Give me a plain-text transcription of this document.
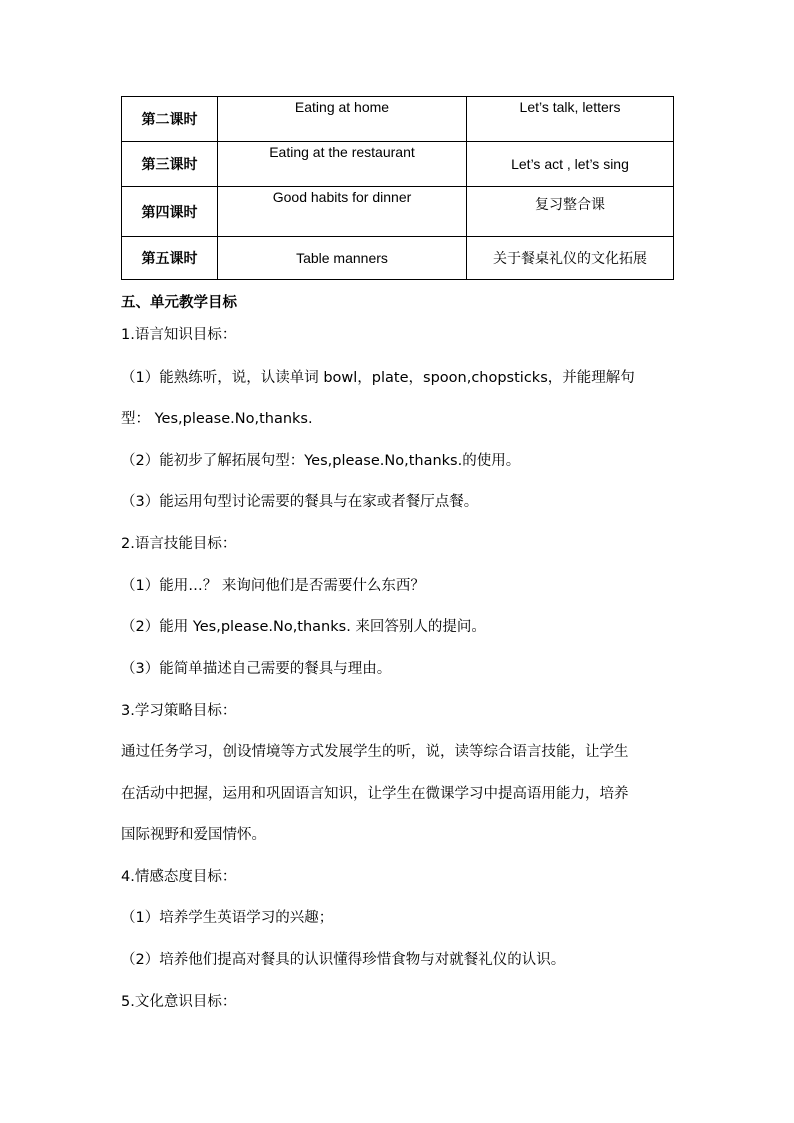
第二课时	Eating at home	Let’s talk, letters
第三课时	Eating at the restaurant	Let’s act , let’s sing
第四课时	Good habits for dinner	复习整合课
第五课时	Table manners	关于餐桌礼仪的文化拓展
五、单元教学目标
1.语言知识目标：
（1）能熟练听，说，认读单词 bowl，plate，spoon,chopsticks，并能理解句
型： Yes,please.No,thanks.
（2）能初步了解拓展句型：Yes,please.No,thanks.的使用。
（3）能运用句型讨论需要的餐具与在家或者餐厅点餐。
2.语言技能目标：
（1）能用…？ 来询问他们是否需要什么东西？
（2）能用 Yes,please.No,thanks. 来回答别人的提问。
（3）能简单描述自己需要的餐具与理由。
3.学习策略目标：
通过任务学习，创设情境等方式发展学生的听，说，读等综合语言技能，让学生
在活动中把握，运用和巩固语言知识，让学生在微课学习中提高语用能力，培养
国际视野和爱国情怀。
4.情感态度目标：
（1）培养学生英语学习的兴趣；
（2）培养他们提高对餐具的认识懂得珍惜食物与对就餐礼仪的认识。
5.文化意识目标：
